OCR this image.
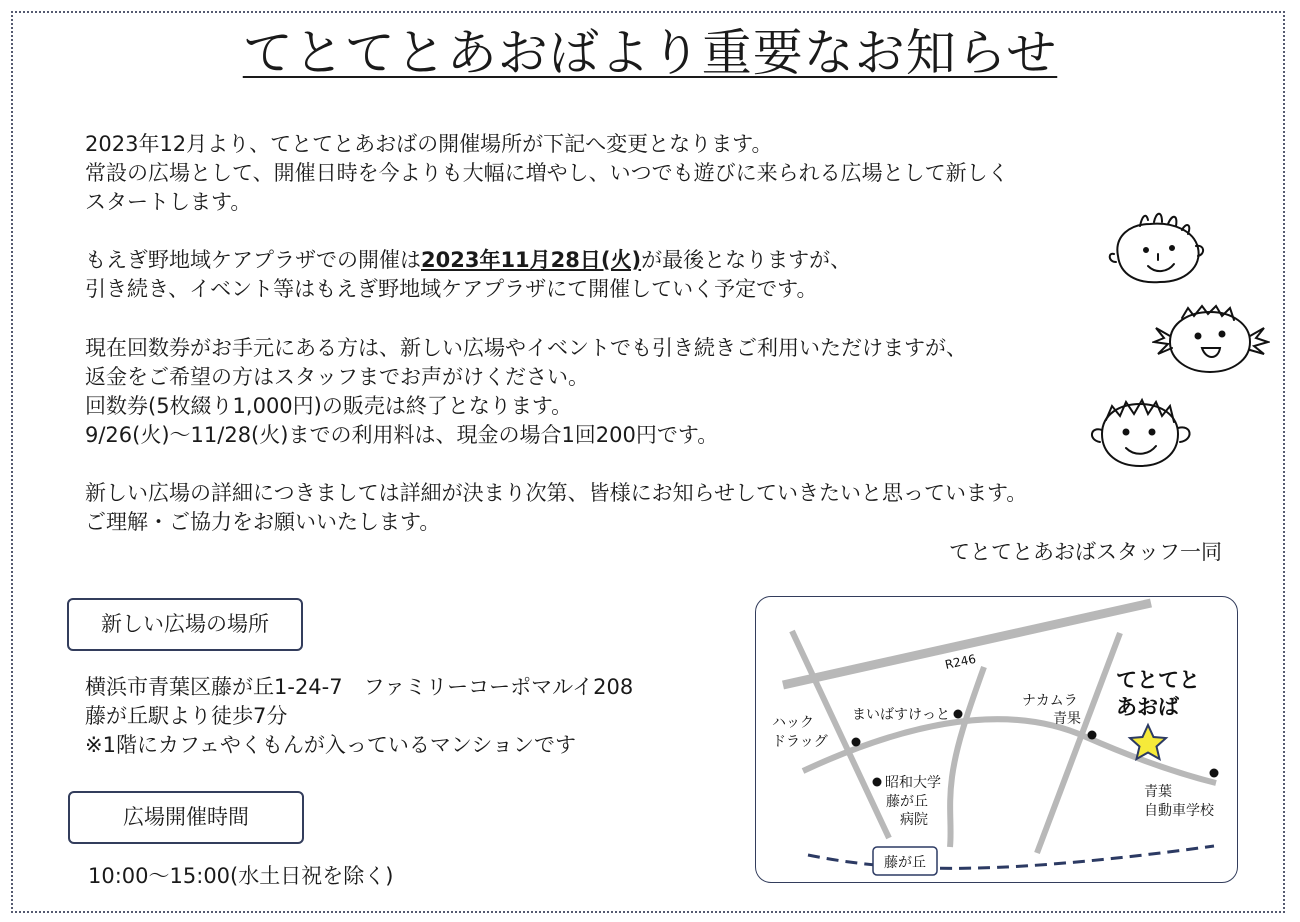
てとてとあおばより重要なお知らせ
2023年12月より、てとてとあおばの開催場所が下記へ変更となります。
常設の広場として、開催日時を今よりも大幅に増やし、いつでも遊びに来られる広場として新しく
スタートします。
もえぎ野地域ケアプラザでの開催は2023年11月28日(火)が最後となりますが、
引き続き、イベント等はもえぎ野地域ケアプラザにて開催していく予定です。
現在回数券がお手元にある方は、新しい広場やイベントでも引き続きご利用いただけますが、
返金をご希望の方はスタッフまでお声がけください。
回数券(5枚綴り1,000円)の販売は終了となります。
9/26(火)～11/28(火)までの利用料は、現金の場合1回200円です。
新しい広場の詳細につきましては詳細が決まり次第、皆様にお知らせしていきたいと思っています。
ご理解・ご協力をお願いいたします。
てとてとあおばスタッフ一同
新しい広場の場所
横浜市青葉区藤が丘1-24-7　ファミリーコーポマルイ208
藤が丘駅より徒歩7分
※1階にカフェやくもんが入っているマンションです
広場開催時間
10:00～15:00(水土日祝を除く)
藤が丘
R246
まいばすけっと
ハック
ドラッグ
昭和大学
藤が丘
病院
ナカムラ
青果
青葉
自動車学校
てとてと
あおば
